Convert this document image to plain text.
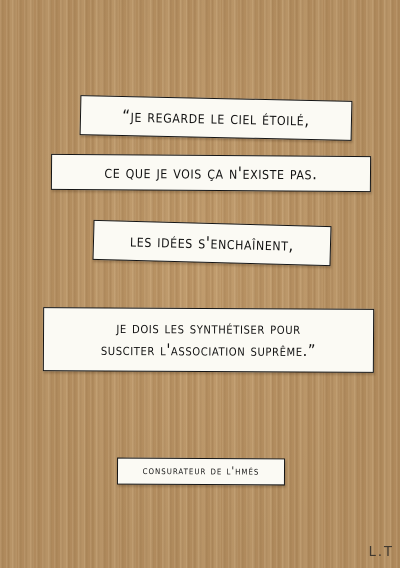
“je regarde le ciel étoilé,
ce que je vois ça n'existe pas.
les idées s'enchaînent,
je dois les synthétiser pour
susciter l'association suprême.”
consurateur de l'hmés
L.T
